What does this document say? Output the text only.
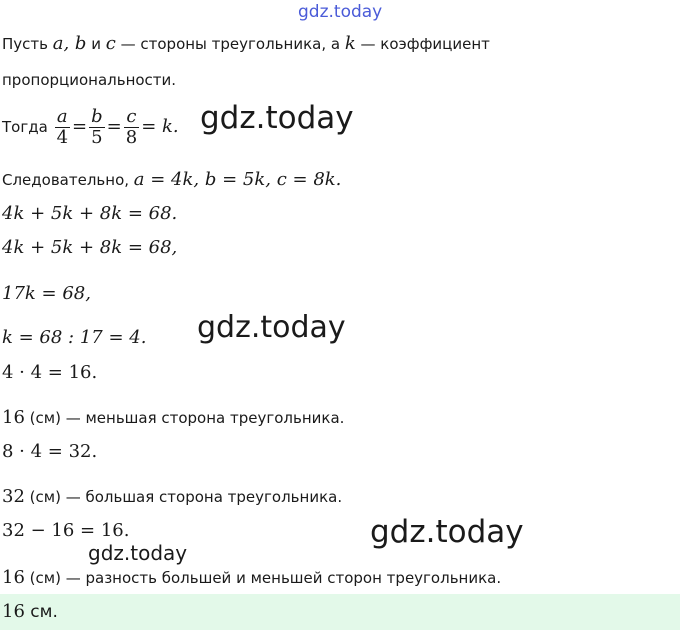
gdz.today
Пусть a, b и c — стороны треугольника, а k — коэффициент
пропорциональности.
Тогда $\frac{a}{4} = \frac{b}{5} = \frac{c}{8} = k$. gdz.today
Следовательно, a = 4k, b = 5k, c = 8k.
4k + 5k + 8k = 68.
4k + 5k + 8k = 68,
17k = 68,
gdz.today
k = 68 : 17 = 4.
4 · 4 = 16.
16 (см) — меньшая сторона треугольника.
8 · 4 = 32.
32 (см) — большая сторона треугольника.
32 − 16 = 16.	gdz.today
gdz.today
16 (см) — разность большей и меньшей сторон треугольника.
16 см.
